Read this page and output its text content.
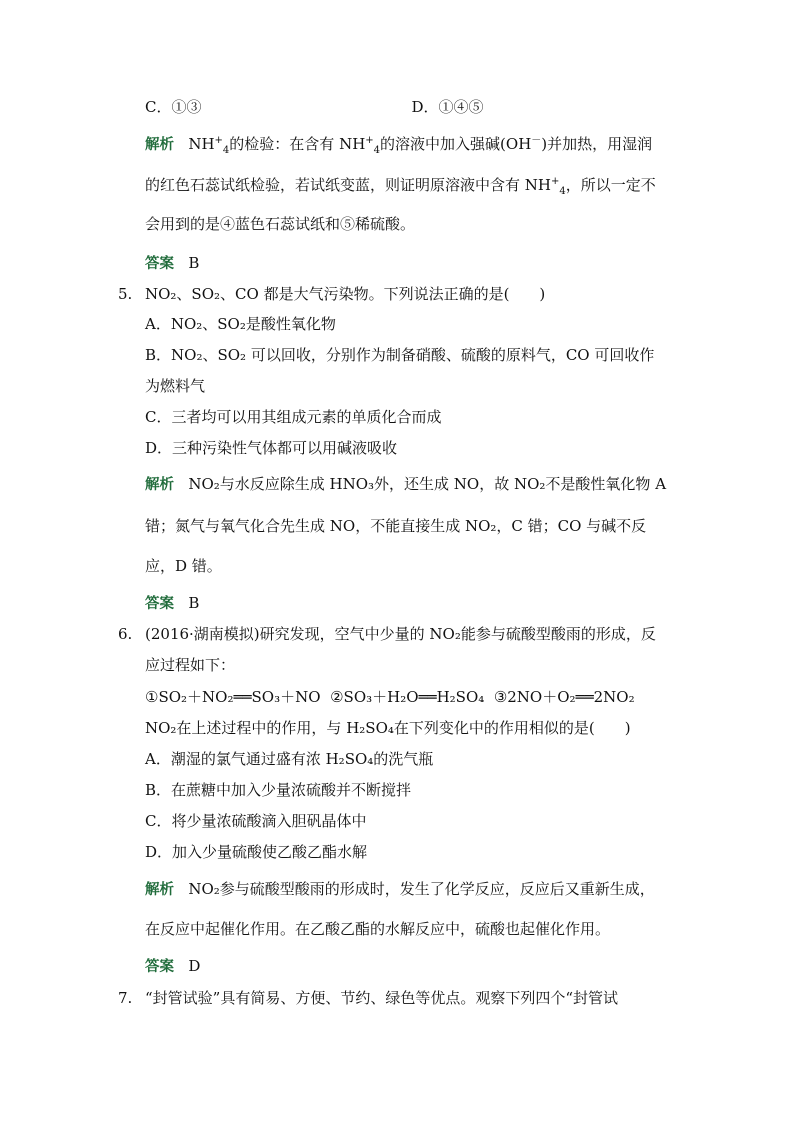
C．①③	D．①④⑤
解析 $NH^+_4$的检验：在含有 $NH^+_4$的溶液中加入强碱(OH－)并加热，用湿润
的红色石蕊试纸检验，若试纸变蓝，则证明原溶液中含有 $NH^+_4$，所以一定不
会用到的是④蓝色石蕊试纸和⑤稀硫酸。
答案 B
5. NO₂、SO₂、CO 都是大气污染物。下列说法正确的是(　　)
A．NO₂、SO₂是酸性氧化物
B．NO₂、SO₂ 可以回收，分别作为制备硝酸、硫酸的原料气，CO 可回收作
为燃料气
C．三者均可以用其组成元素的单质化合而成
D．三种污染性气体都可以用碱液吸收
解析 NO₂与水反应除生成 HNO₃外，还生成 NO，故 NO₂不是酸性氧化物 A
错；氮气与氧气化合先生成 NO，不能直接生成 NO₂，C 错；CO 与碱不反
应，D 错。
答案 B
6. (2016·湖南模拟)研究发现，空气中少量的 NO₂能参与硫酸型酸雨的形成，反
应过程如下：
①SO₂＋NO₂══SO₃＋NO ②SO₃＋H₂O══H₂SO₄ ③2NO＋O₂══2NO₂
NO₂在上述过程中的作用，与 H₂SO₄在下列变化中的作用相似的是(　　)
A．潮湿的氯气通过盛有浓 H₂SO₄的洗气瓶
B．在蔗糖中加入少量浓硫酸并不断搅拌
C．将少量浓硫酸滴入胆矾晶体中
D．加入少量硫酸使乙酸乙酯水解
解析 NO₂参与硫酸型酸雨的形成时，发生了化学反应，反应后又重新生成，
在反应中起催化作用。在乙酸乙酯的水解反应中，硫酸也起催化作用。
答案 D
7. “封管试验”具有简易、方便、节约、绿色等优点。观察下列四个“封管试
